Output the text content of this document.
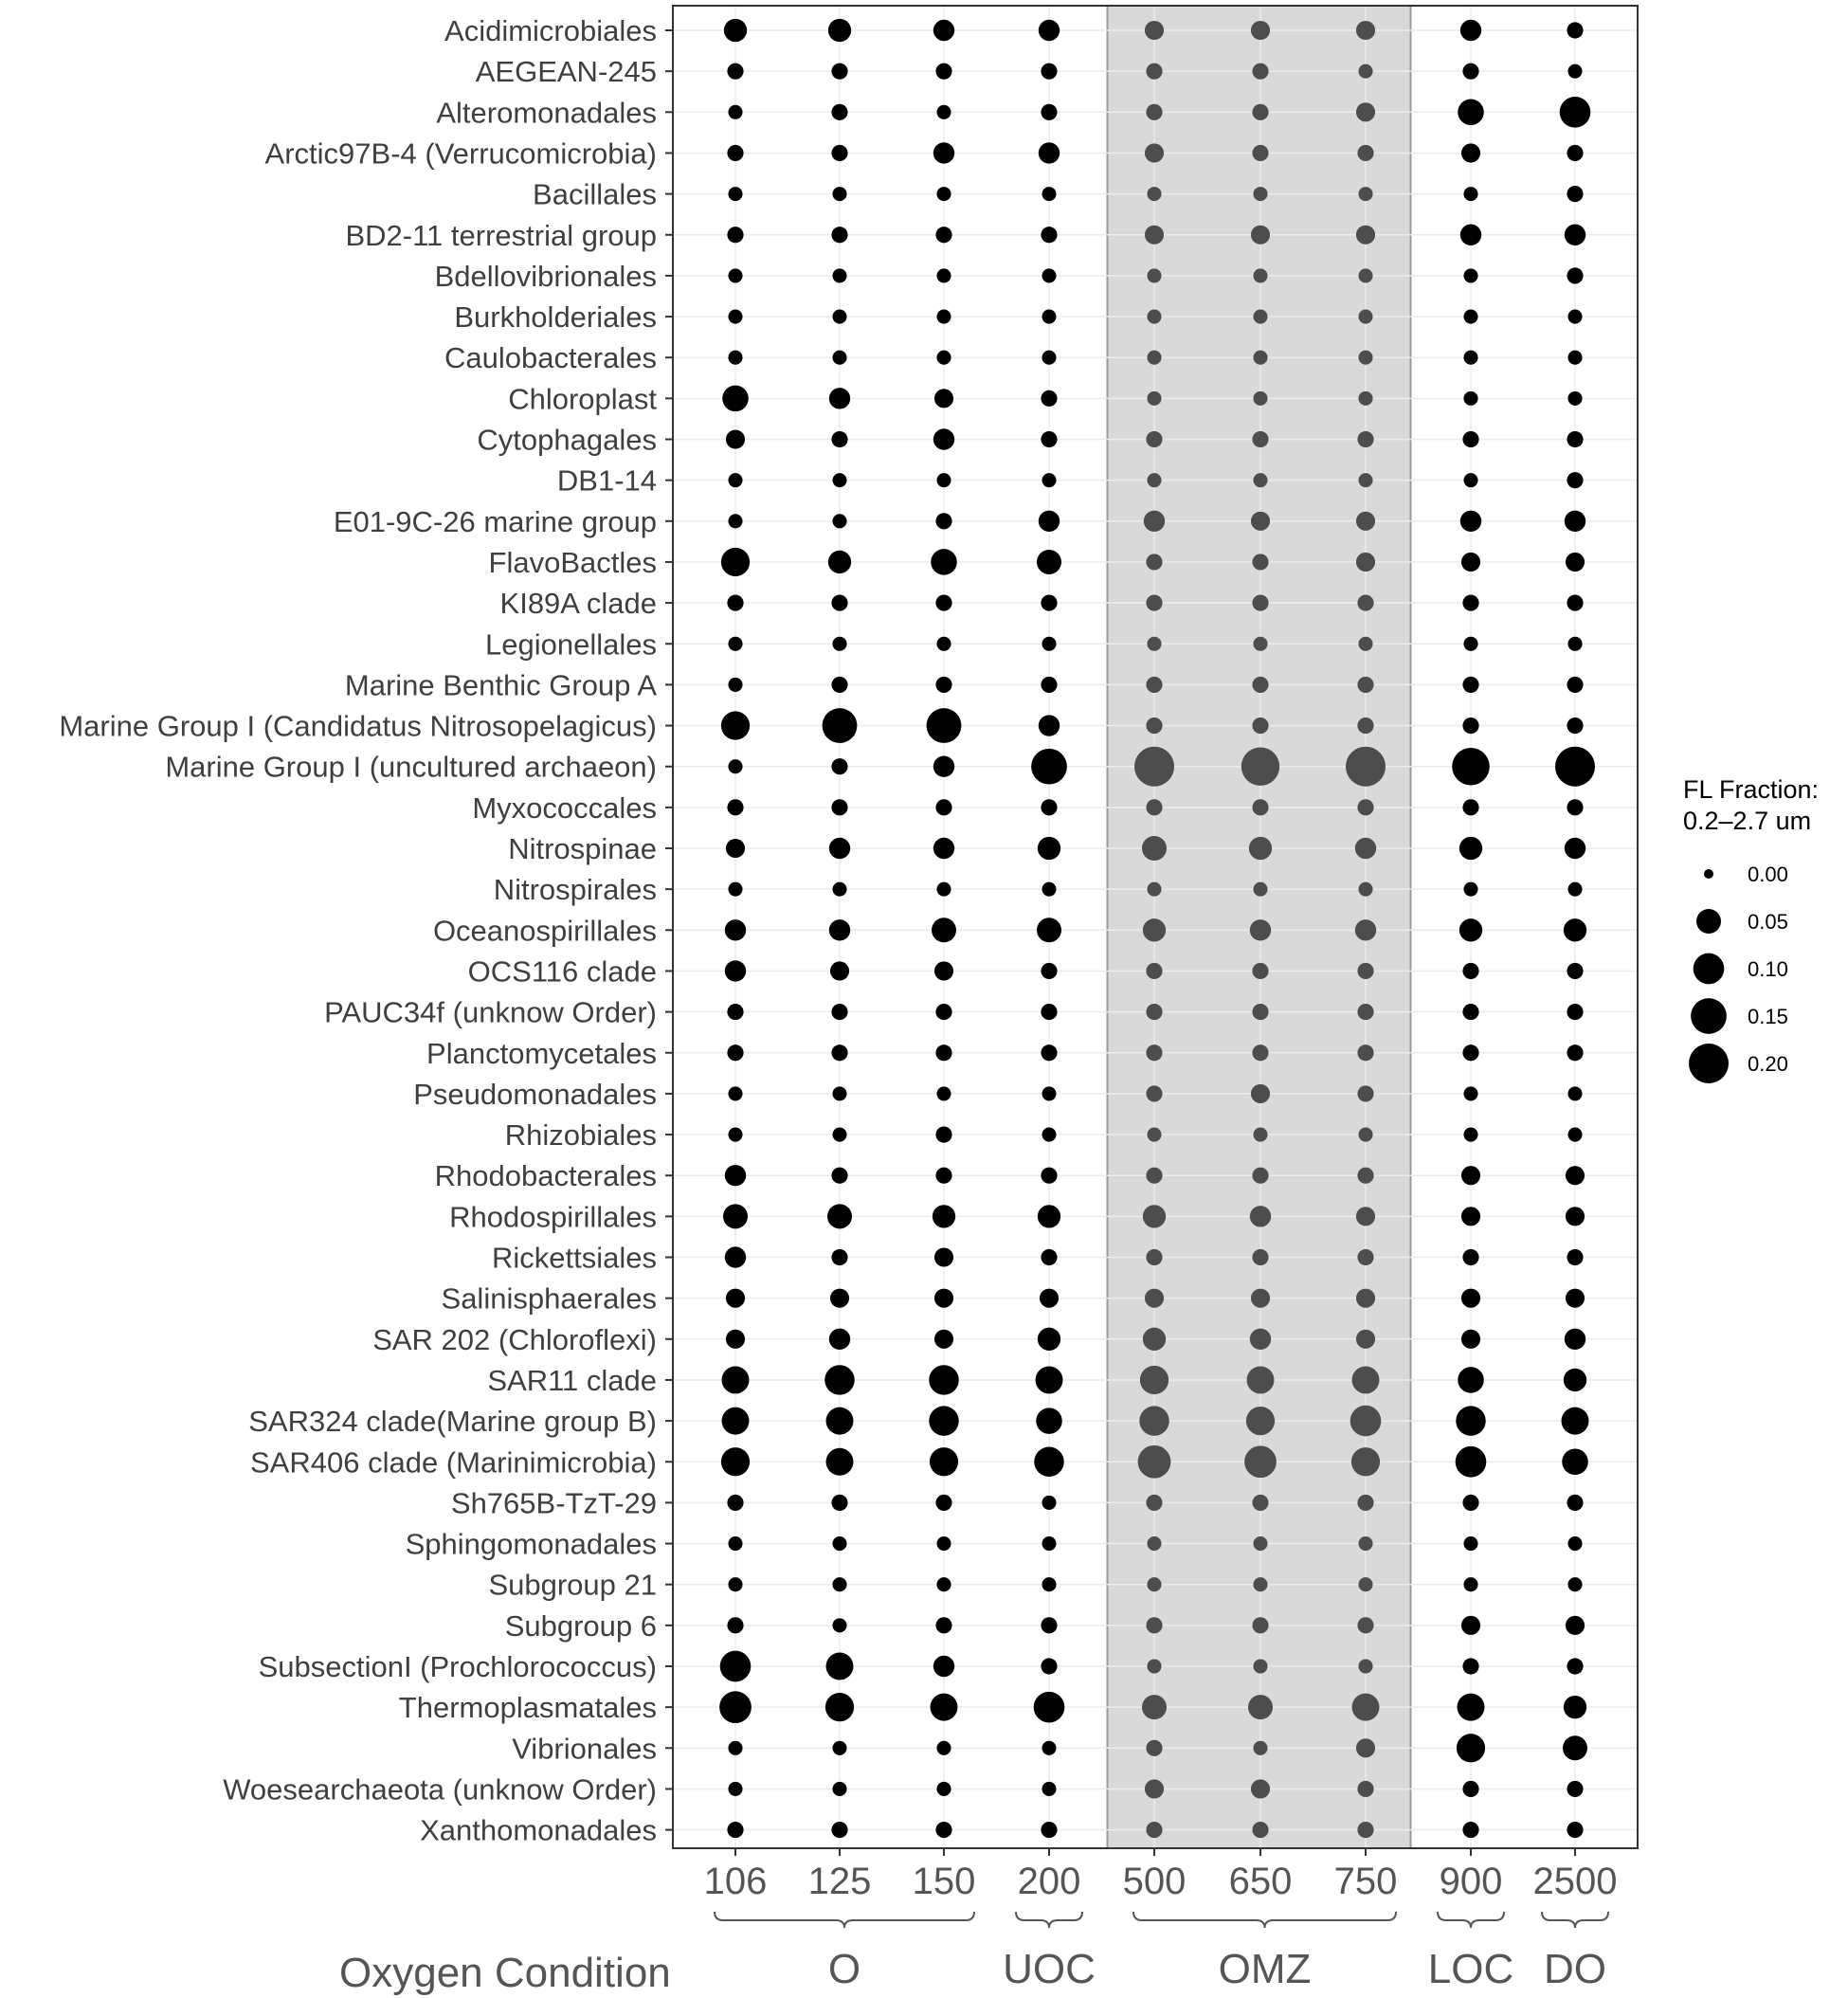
Acidimicrobiales
AEGEAN-245
Alteromonadales
Arctic97B-4 (Verrucomicrobia)
Bacillales
BD2-11 terrestrial group
Bdellovibrionales
Burkholderiales
Caulobacterales
Chloroplast
Cytophagales
DB1-14
E01-9C-26 marine group
FlavoBactles
KI89A clade
Legionellales
Marine Benthic Group A
Marine Group I (Candidatus Nitrosopelagicus)
Marine Group I (uncultured archaeon)
Myxococcales
Nitrospinae
Nitrospirales
Oceanospirillales
OCS116 clade
PAUC34f (unknow Order)
Planctomycetales
Pseudomonadales
Rhizobiales
Rhodobacterales
Rhodospirillales
Rickettsiales
Salinisphaerales
SAR 202 (Chloroflexi)
SAR11 clade
SAR324 clade(Marine group B)
SAR406 clade (Marinimicrobia)
Sh765B-TzT-29
Sphingomonadales
Subgroup 21
Subgroup 6
SubsectionI (Prochlorococcus)
Thermoplasmatales
Vibrionales
Woesearchaeota (unknow Order)
Xanthomonadales
106 125 150 200 500 650 750 900 2500
O	UOC	OMZ	LOC DO
Oxygen Condition
FL Fraction:
0.2–2.7 um
0.00
0.05
0.10
0.15
0.20
